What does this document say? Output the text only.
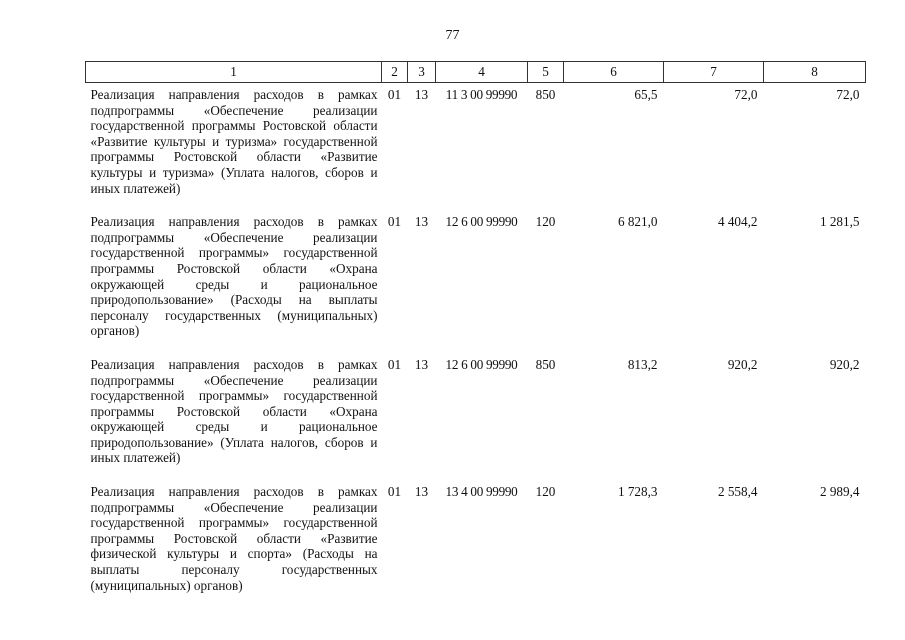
77
1	2	3	4	5	6	7	8
Реализация направления расходов в рамках подпрограммы «Обеспечение реализации государственной программы Ростовской области «Развитие культуры и туризма» государственной программы Ростовской области «Развитие культуры и туризма» (Уплата налогов, сборов и иных платежей)	01	13	11 3 00 99990	850	65,5	72,0	72,0
Реализация направления расходов в рамках подпрограммы «Обеспечение реализации государственной программы» государственной программы Ростовской области «Охрана окружающей среды и рациональное природопользование» (Расходы на выплаты персоналу государственных (муниципальных) органов)	01	13	12 6 00 99990	120	6 821,0	4 404,2	1 281,5
Реализация направления расходов в рамках подпрограммы «Обеспечение реализации государственной программы» государственной программы Ростовской области «Охрана окружающей среды и рациональное природопользование» (Уплата налогов, сборов и иных платежей)	01	13	12 6 00 99990	850	813,2	920,2	920,2
Реализация направления расходов в рамках подпрограммы «Обеспечение реализации государственной программы» государственной программы Ростовской области «Развитие физической культуры и спорта» (Расходы на выплаты персоналу государственных (муниципальных) органов)	01	13	13 4 00 99990	120	1 728,3	2 558,4	2 989,4
